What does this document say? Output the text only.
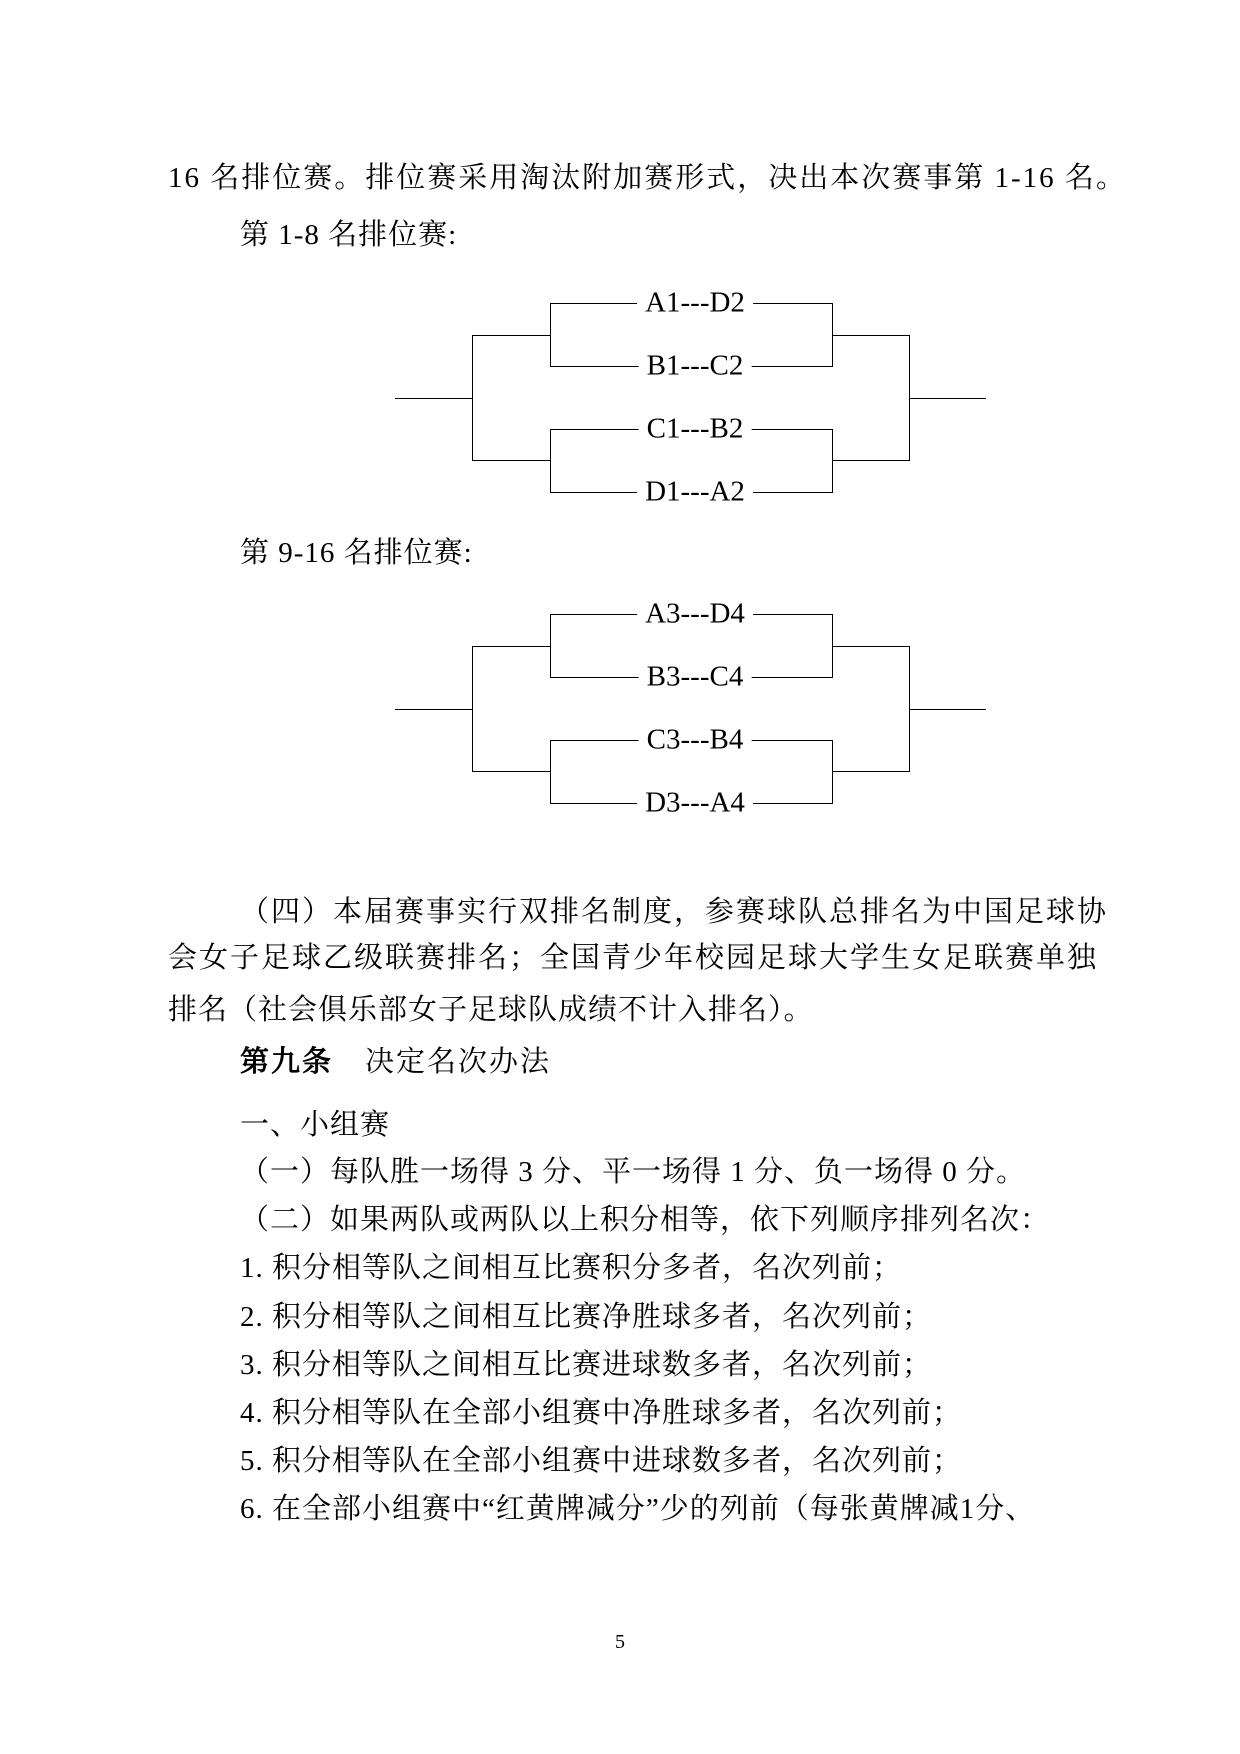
16 名排位赛。排位赛采用淘汰附加赛形式，决出本次赛事第 1-16 名。
第 1-8 名排位赛:
A1---D2
B1---C2
C1---B2
D1---A2
第 9-16 名排位赛:
A3---D4
B3---C4
C3---B4
D3---A4
（四）本届赛事实行双排名制度，参赛球队总排名为中国足球协
会女子足球乙级联赛排名；全国青少年校园足球大学生女足联赛单独
排名（社会俱乐部女子足球队成绩不计入排名）。
第九条 决定名次办法
一、小组赛
（一）每队胜一场得 3 分、平一场得 1 分、负一场得 0 分。
（二）如果两队或两队以上积分相等，依下列顺序排列名次：
1. 积分相等队之间相互比赛积分多者，名次列前；
2. 积分相等队之间相互比赛净胜球多者，名次列前；
3. 积分相等队之间相互比赛进球数多者，名次列前；
4. 积分相等队在全部小组赛中净胜球多者，名次列前；
5. 积分相等队在全部小组赛中进球数多者，名次列前；
6. 在全部小组赛中“红黄牌减分”少的列前（每张黄牌减1分、
5
